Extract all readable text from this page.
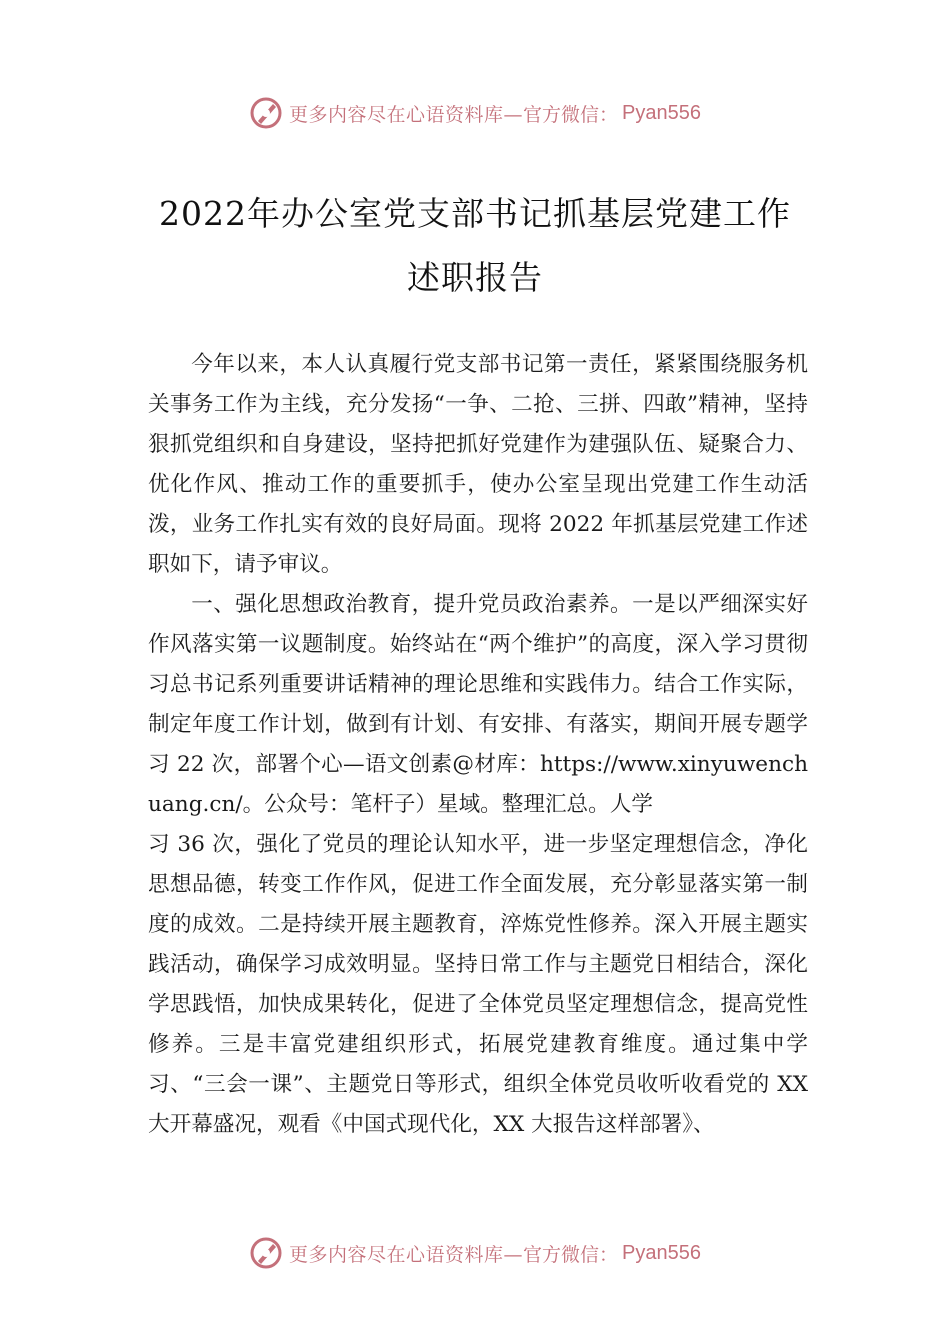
更多内容尽在心语资料库— 官方微信： Pyan556
2022年办公室党支部书记抓基层党建工作
述职报告

今年以来，本人认真履行党支部书记第一责任，紧紧围绕服务机关事务工作为主线，充分发扬“一争、二抢、三拼、四敢”精神，坚持狠抓党组织和自身建设，坚持把抓好党建作为建强队伍、疑聚合力、优化作风、推动工作的重要抓手，使办公室呈现出党建工作生动活泼，业务工作扎实有效的良好局面。现将 2022 年抓基层党建工作述职如下，请予审议。

一、强化思想政治教育，提升党员政治素养。一是以严细深实好作风落实第一议题制度。始终站在“两个维护”的高度，深入学习贯彻习总书记系列重要讲话精神的理论思维和实践伟力。结合工作实际，制定年度工作计划，做到有计划、有安排、有落实，期间开展专题学习 22 次，部署个心—语文创素@材库：https://www.xinyuwenchuang.cn/。公众号：笔杆子）星域。整理汇总。人学

习 36 次，强化了党员的理论认知水平，进一步坚定理想信念，净化思想品德，转变工作作风，促进工作全面发展，充分彰显落实第一制度的成效。二是持续开展主题教育，淬炼党性修养。深入开展主题实践活动，确保学习成效明显。坚持日常工作与主题党日相结合，深化学思践悟，加快成果转化，促进了全体党员坚定理想信念，提高党性修养。三是丰富党建组织形式，拓展党建教育维度。通过集中学习、“三会一课”、主题党日等形式，组织全体党员收听收看党的 XX 大开幕盛况，观看《中国式现代化，XX 大报告这样部署》、

更多内容尽在心语资料库— 官方微信： Pyan556
